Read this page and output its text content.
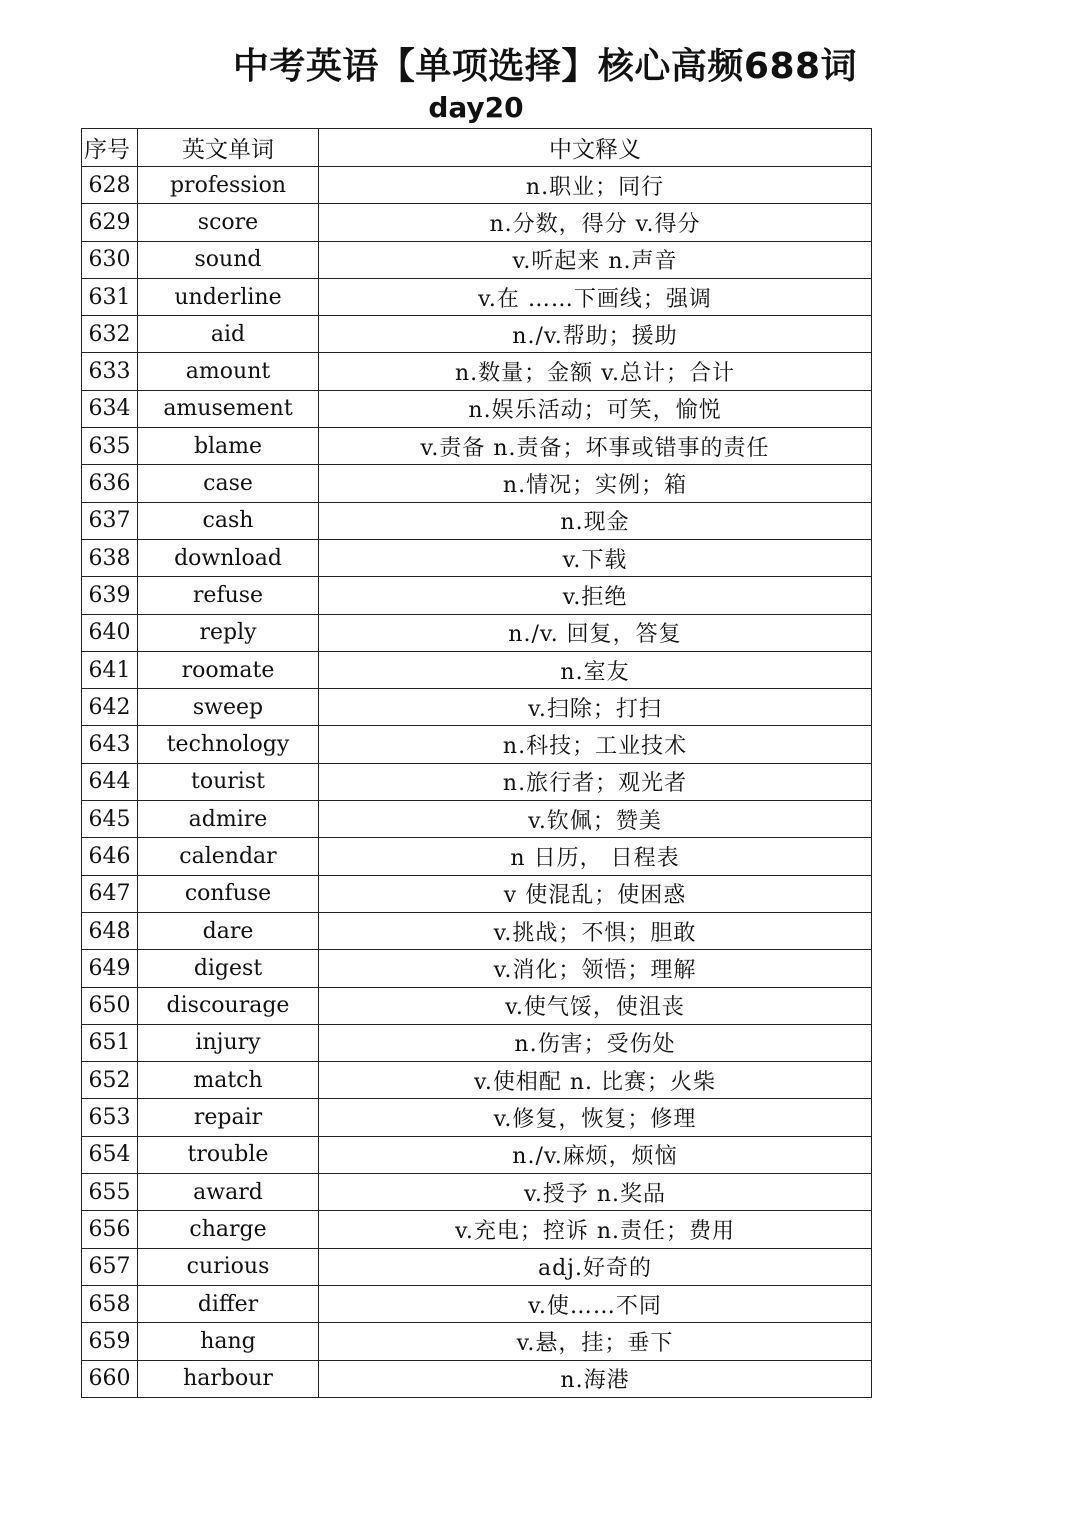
中考英语【单项选择】核心高频688词
day20
序号	英文单词	中文释义
628	profession	n.职业；同行
629	score	n.分数，得分 v.得分
630	sound	v.听起来 n.声音
631	underline	v.在 ……下画线；强调
632	aid	n./v.帮助；援助
633	amount	n.数量；金额 v.总计；合计
634	amusement	n.娱乐活动；可笑，愉悦
635	blame	v.责备 n.责备；坏事或错事的责任
636	case	n.情况；实例；箱
637	cash	n.现金
638	download	v.下载
639	refuse	v.拒绝
640	reply	n./v. 回复，答复
641	roomate	n.室友
642	sweep	v.扫除；打扫
643	technology	n.科技；工业技术
644	tourist	n.旅行者；观光者
645	admire	v.钦佩；赞美
646	calendar	n 日历， 日程表
647	confuse	v 使混乱；使困惑
648	dare	v.挑战；不惧；胆敢
649	digest	v.消化；领悟；理解
650	discourage	v.使气馁，使沮丧
651	injury	n.伤害；受伤处
652	match	v.使相配 n. 比赛；火柴
653	repair	v.修复，恢复；修理
654	trouble	n./v.麻烦，烦恼
655	award	v.授予 n.奖品
656	charge	v.充电；控诉 n.责任；费用
657	curious	adj.好奇的
658	differ	v.使……不同
659	hang	v.悬，挂；垂下
660	harbour	n.海港
